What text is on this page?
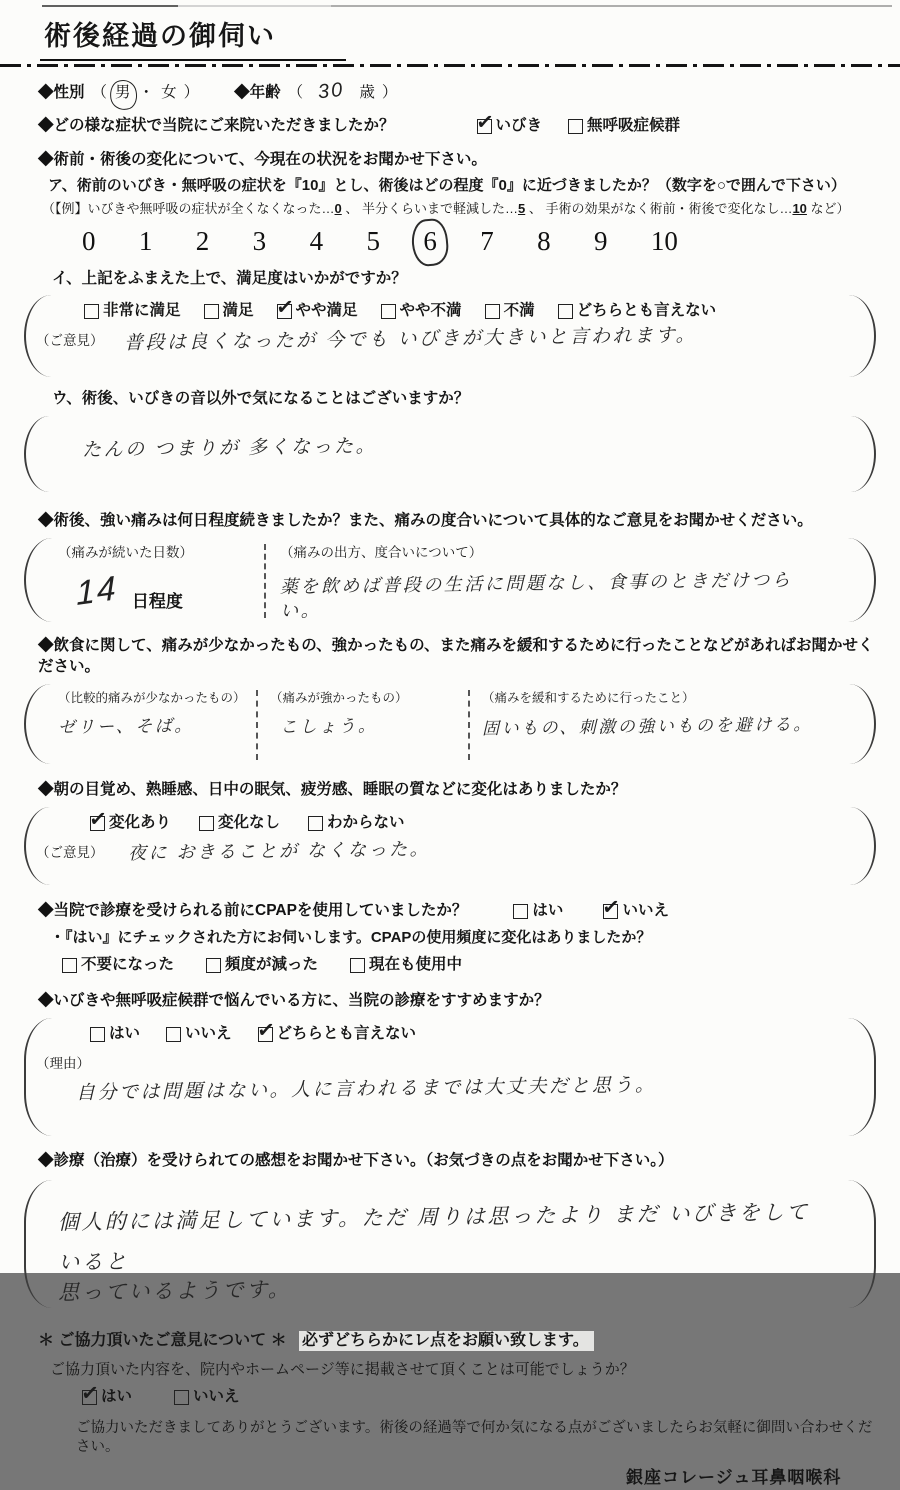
術後経過の御伺い
◆性別 （ 男 ・ 女 ） ◆年齢 （ 30 歳 ）
◆どの様な症状で当院にご来院いただきましたか？ ✓	いびき	無呼吸症候群
◆術前・術後の変化について、今現在の状況をお聞かせ下さい。
ア、術前のいびき・無呼吸の症状を『10』とし、術後はどの程度『0』に近づきましたか？（数字を○で囲んで下さい）
（【例】いびきや無呼吸の症状が全くなくなった…0 、 半分くらいまで軽減した…5 、 手術の効果がなく術前・術後で変化なし…10 など）
0 1 2 3 4 5 6 7 8 9 10
イ、上記をふまえた上で、満足度はいかがですか？
非常に満足	満足 ✓	やや満足	やや不満	不満	どちらとも言えない
（ご意見） 普段は良くなったが 今でも いびきが大きいと言われます。
ウ、術後、いびきの音以外で気になることはございますか？
たんの つまりが 多くなった。
◆術後、強い痛みは何日程度続きましたか？また、痛みの度合いについて具体的なご意見をお聞かせください。
（痛みが続いた日数）
14 日程度
（痛みの出方、度合いについて）
薬を飲めば普段の生活に問題なし、食事のときだけつらい。
◆飲食に関して、痛みが少なかったもの、強かったもの、また痛みを緩和するために行ったことなどがあればお聞かせください。
（比較的痛みが少なかったもの）
ゼリー、そば。
（痛みが強かったもの）
こしょう。
（痛みを緩和するために行ったこと）
固いもの、刺激の強いものを避ける。
◆朝の目覚め、熟睡感、日中の眠気、疲労感、睡眠の質などに変化はありましたか？
✓
変化あり	変化なし	わからない
（ご意見） 夜に おきることが なくなった。
◆当院で診療を受けられる前にCPAPを使用していましたか？	はい ✓	いいえ
・『はい』にチェックされた方にお伺いします。CPAPの使用頻度に変化はありましたか？
不要になった	頻度が減った	現在も使用中
◆いびきや無呼吸症候群で悩んでいる方に、当院の診療をすすめますか？
はい	いいえ ✓	どちらとも言えない
（理由）
自分では問題はない。人に言われるまでは大丈夫だと思う。
◆診療（治療）を受けられての感想をお聞かせ下さい。（お気づきの点をお聞かせ下さい。）
個人的には満足しています。ただ 周りは思ったより まだ いびきをしていると 思っているようです。
＊ ご協力頂いたご意見について ＊ 必ずどちらかにレ点をお願い致します。
ご協力頂いた内容を、院内やホームページ等に掲載させて頂くことは可能でしょうか？
✓
はい	いいえ
ご協力いただきましてありがとうございます。術後の経過等で何か気になる点がございましたらお気軽に御問い合わせください。
銀座コレージュ耳鼻咽喉科
